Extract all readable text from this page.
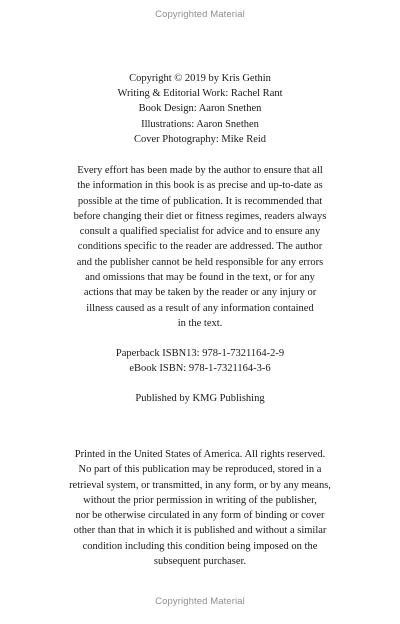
Copyrighted Material
Copyright © 2019 by Kris Gethin
Writing & Editorial Work: Rachel Rant
Book Design: Aaron Snethen
Illustrations: Aaron Snethen
Cover Photography: Mike Reid
Every effort has been made by the author to ensure that all
the information in this book is as precise and up-to-date as
possible at the time of publication. It is recommended that
before changing their diet or fitness regimes, readers always
consult a qualified specialist for advice and to ensure any
conditions specific to the reader are addressed. The author
and the publisher cannot be held responsible for any errors
and omissions that may be found in the text, or for any
actions that may be taken by the reader or any injury or
illness caused as a result of any information contained
in the text.
Paperback ISBN13: 978-1-7321164-2-9
eBook ISBN: 978-1-7321164-3-6
Published by KMG Publishing
Printed in the United States of America. All rights reserved.
No part of this publication may be reproduced, stored in a
retrieval system, or transmitted, in any form, or by any means,
without the prior permission in writing of the publisher,
nor be otherwise circulated in any form of binding or cover
other than that in which it is published and without a similar
condition including this condition being imposed on the
subsequent purchaser.
Copyrighted Material
